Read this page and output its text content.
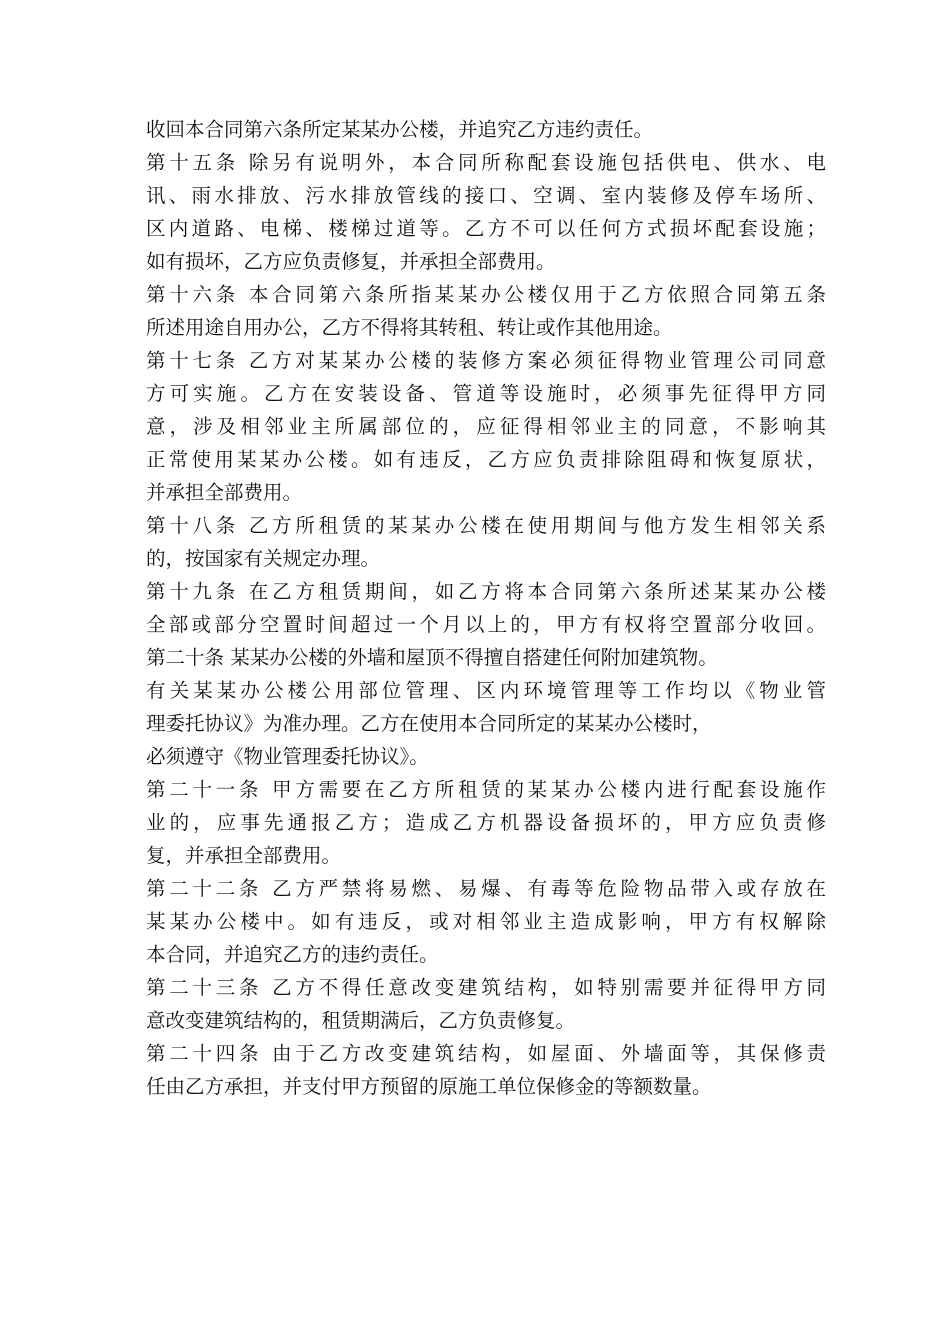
收回本合同第六条所定某某办公楼，并追究乙方违约责任。
第十五条 除另有说明外，本合同所称配套设施包括供电、供水、电
讯、雨水排放、污水排放管线的接口、空调、室内装修及停车场所、
区内道路、电梯、楼梯过道等。乙方不可以任何方式损坏配套设施；
如有损坏，乙方应负责修复，并承担全部费用。
第十六条 本合同第六条所指某某办公楼仅用于乙方依照合同第五条
所述用途自用办公，乙方不得将其转租、转让或作其他用途。
第十七条 乙方对某某办公楼的装修方案必须征得物业管理公司同意
方可实施。乙方在安装设备、管道等设施时，必须事先征得甲方同
意，涉及相邻业主所属部位的，应征得相邻业主的同意，不影响其
正常使用某某办公楼。如有违反，乙方应负责排除阻碍和恢复原状，
并承担全部费用。
第十八条 乙方所租赁的某某办公楼在使用期间与他方发生相邻关系
的，按国家有关规定办理。
第十九条 在乙方租赁期间，如乙方将本合同第六条所述某某办公楼
全部或部分空置时间超过一个月以上的，甲方有权将空置部分收回。
第二十条 某某办公楼的外墙和屋顶不得擅自搭建任何附加建筑物。
有关某某办公楼公用部位管理、区内环境管理等工作均以《物业管
理委托协议》为准办理。乙方在使用本合同所定的某某办公楼时，
必须遵守《物业管理委托协议》。
第二十一条 甲方需要在乙方所租赁的某某办公楼内进行配套设施作
业的，应事先通报乙方；造成乙方机器设备损坏的，甲方应负责修
复，并承担全部费用。
第二十二条 乙方严禁将易燃、易爆、有毒等危险物品带入或存放在
某某办公楼中。如有违反，或对相邻业主造成影响，甲方有权解除
本合同，并追究乙方的违约责任。
第二十三条 乙方不得任意改变建筑结构，如特别需要并征得甲方同
意改变建筑结构的，租赁期满后，乙方负责修复。
第二十四条 由于乙方改变建筑结构，如屋面、外墙面等，其保修责
任由乙方承担，并支付甲方预留的原施工单位保修金的等额数量。
